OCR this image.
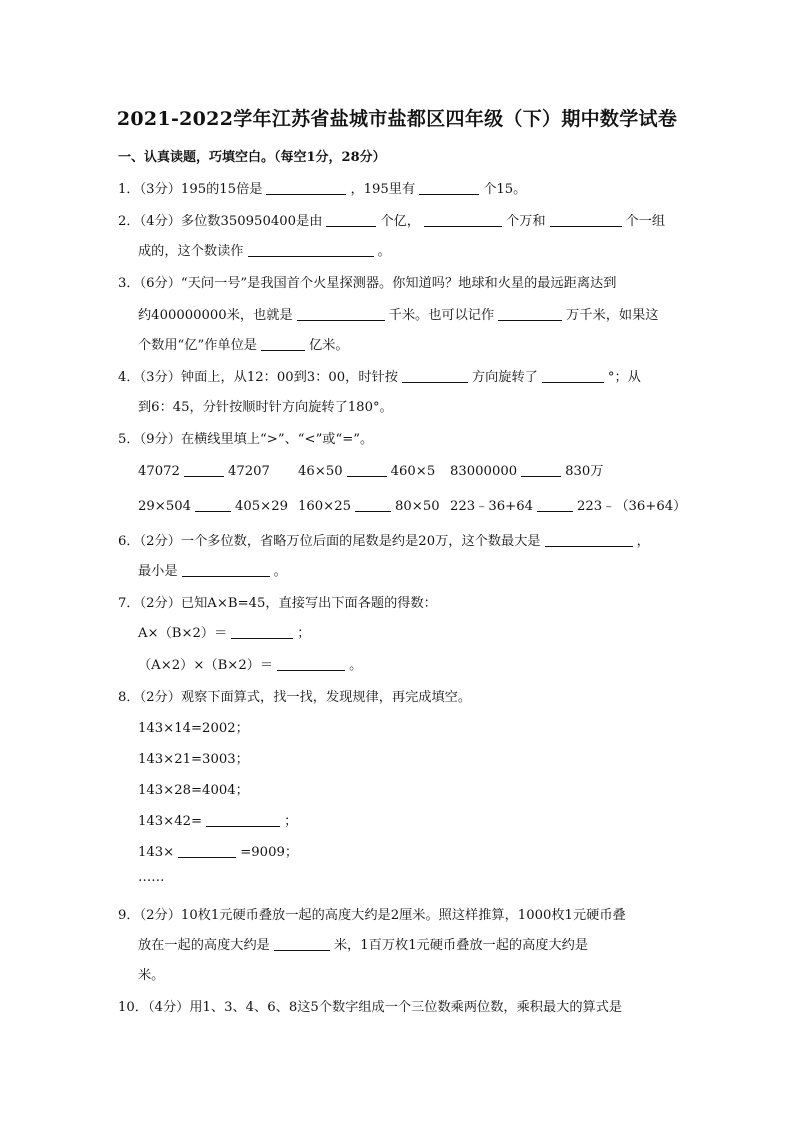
2021-2022学年江苏省盐城市盐都区四年级（下）期中数学试卷
一、认真读题，巧填空白。（每空1分，28分）
1．（3分）195的15倍是	，195里有	个15。
2．（4分）多位数350950400是由	个亿，	个万和	个一组
成的，这个数读作	。
3．（6分）“天问一号”是我国首个火星探测器。你知道吗？地球和火星的最远距离达到
约400000000米，也就是	千米。也可以记作	万千米，如果这
个数用“亿”作单位是	亿米。
4．（3分）钟面上，从12：00到3：00，时针按	方向旋转了	°；从
到6：45，分针按顺时针方向旋转了180°。
5．（9分）在横线里填上“>”、“<”或“=”。
47072	47207 46×50	460×5 83000000	830万
29×504	405×29 160×25	80×50 223﹣36+64	223﹣（36+64）
6．（2分）一个多位数，省略万位后面的尾数是约是20万，这个数最大是	，
最小是	。
7．（2分）已知A×B=45，直接写出下面各题的得数：
A×（B×2）＝	；
（A×2）×（B×2）＝	。
8．（2分）观察下面算式，找一找，发现规律，再完成填空。
143×14=2002；
143×21=3003；
143×28=4004；
143×42=	；
143×	=9009；
……
9．（2分）10枚1元硬币叠放一起的高度大约是2厘米。照这样推算，1000枚1元硬币叠
放在一起的高度大约是	米，1百万枚1元硬币叠放一起的高度大约是
米。
10．（4分）用1、3、4、6、8这5个数字组成一个三位数乘两位数，乘积最大的算式是
